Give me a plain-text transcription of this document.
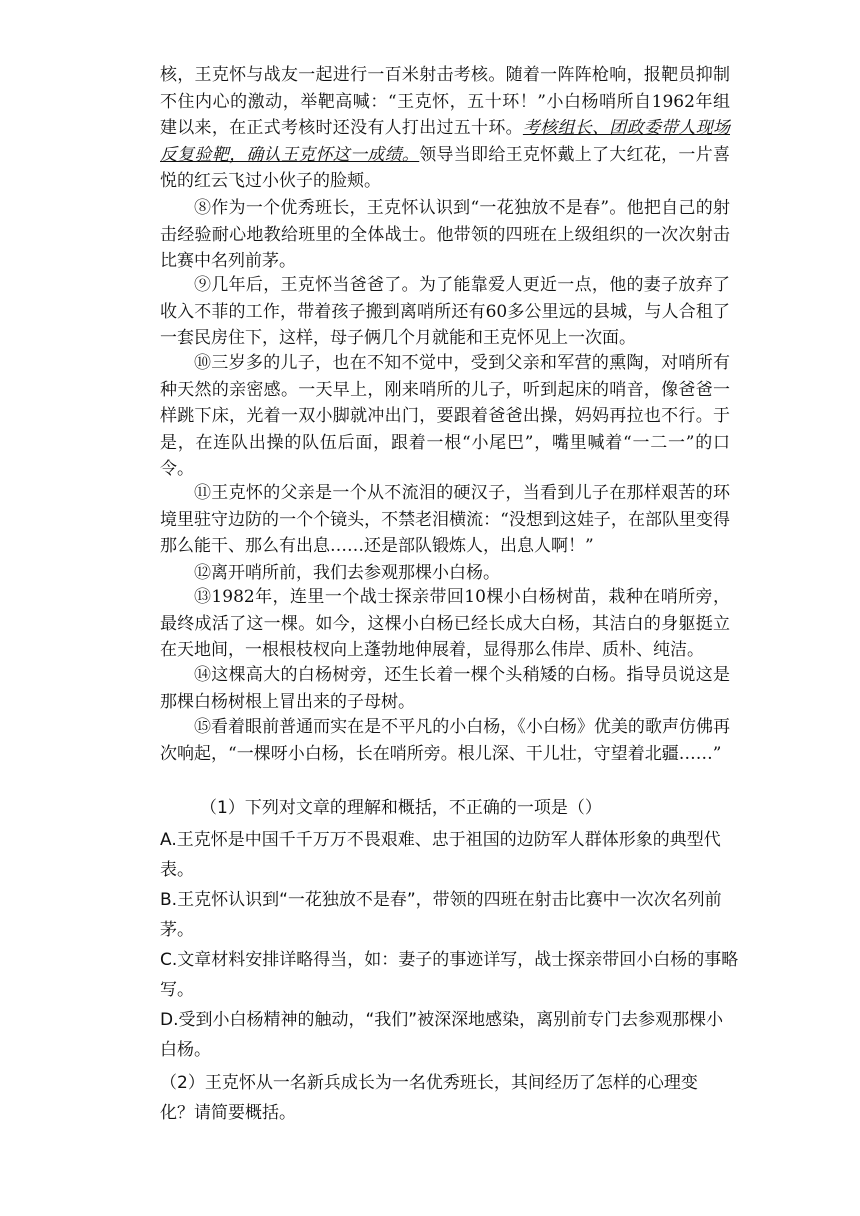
核，王克怀与战友一起进行一百米射击考核。随着一阵阵枪响，报靶员抑制不住内心的激动，举靶高喊：“王克怀，五十环！”小白杨哨所自1962年组建以来，在正式考核时还没有人打出过五十环。考核组长、团政委带人现场反复验靶，确认王克怀这一成绩。领导当即给王克怀戴上了大红花，一片喜悦的红云飞过小伙子的脸颊。

⑧作为一个优秀班长，王克怀认识到“一花独放不是春”。他把自己的射击经验耐心地教给班里的全体战士。他带领的四班在上级组织的一次次射击比赛中名列前茅。

⑨几年后，王克怀当爸爸了。为了能靠爱人更近一点，他的妻子放弃了收入不菲的工作，带着孩子搬到离哨所还有60多公里远的县城，与人合租了一套民房住下，这样，母子俩几个月就能和王克怀见上一次面。

⑩三岁多的儿子，也在不知不觉中，受到父亲和军营的熏陶，对哨所有种天然的亲密感。一天早上，刚来哨所的儿子，听到起床的哨音，像爸爸一样跳下床，光着一双小脚就冲出门，要跟着爸爸出操，妈妈再拉也不行。于是，在连队出操的队伍后面，跟着一根“小尾巴”，嘴里喊着“一二一”的口令。

⑪王克怀的父亲是一个从不流泪的硬汉子，当看到儿子在那样艰苦的环境里驻守边防的一个个镜头，不禁老泪横流：“没想到这娃子，在部队里变得那么能干、那么有出息……还是部队锻炼人，出息人啊！”

⑫离开哨所前，我们去参观那棵小白杨。

⑬1982年，连里一个战士探亲带回10棵小白杨树苗，栽种在哨所旁，最终成活了这一棵。如今，这棵小白杨已经长成大白杨，其洁白的身躯挺立在天地间，一根根枝杈向上蓬勃地伸展着，显得那么伟岸、质朴、纯洁。

⑭这棵高大的白杨树旁，还生长着一棵个头稍矮的白杨。指导员说这是那棵白杨树根上冒出来的子母树。

⑮看着眼前普通而实在是不平凡的小白杨，《小白杨》优美的歌声仿佛再次响起，“一棵呀小白杨，长在哨所旁。根儿深、干儿壮，守望着北疆……”

（1）下列对文章的理解和概括，不正确的一项是（）

A.王克怀是中国千千万万不畏艰难、忠于祖国的边防军人群体形象的典型代表。

B.王克怀认识到“一花独放不是春”，带领的四班在射击比赛中一次次名列前茅。

C.文章材料安排详略得当，如：妻子的事迹详写，战士探亲带回小白杨的事略写。

D.受到小白杨精神的触动，“我们”被深深地感染，离别前专门去参观那棵小白杨。

（2）王克怀从一名新兵成长为一名优秀班长，其间经历了怎样的心理变化？请简要概括。
